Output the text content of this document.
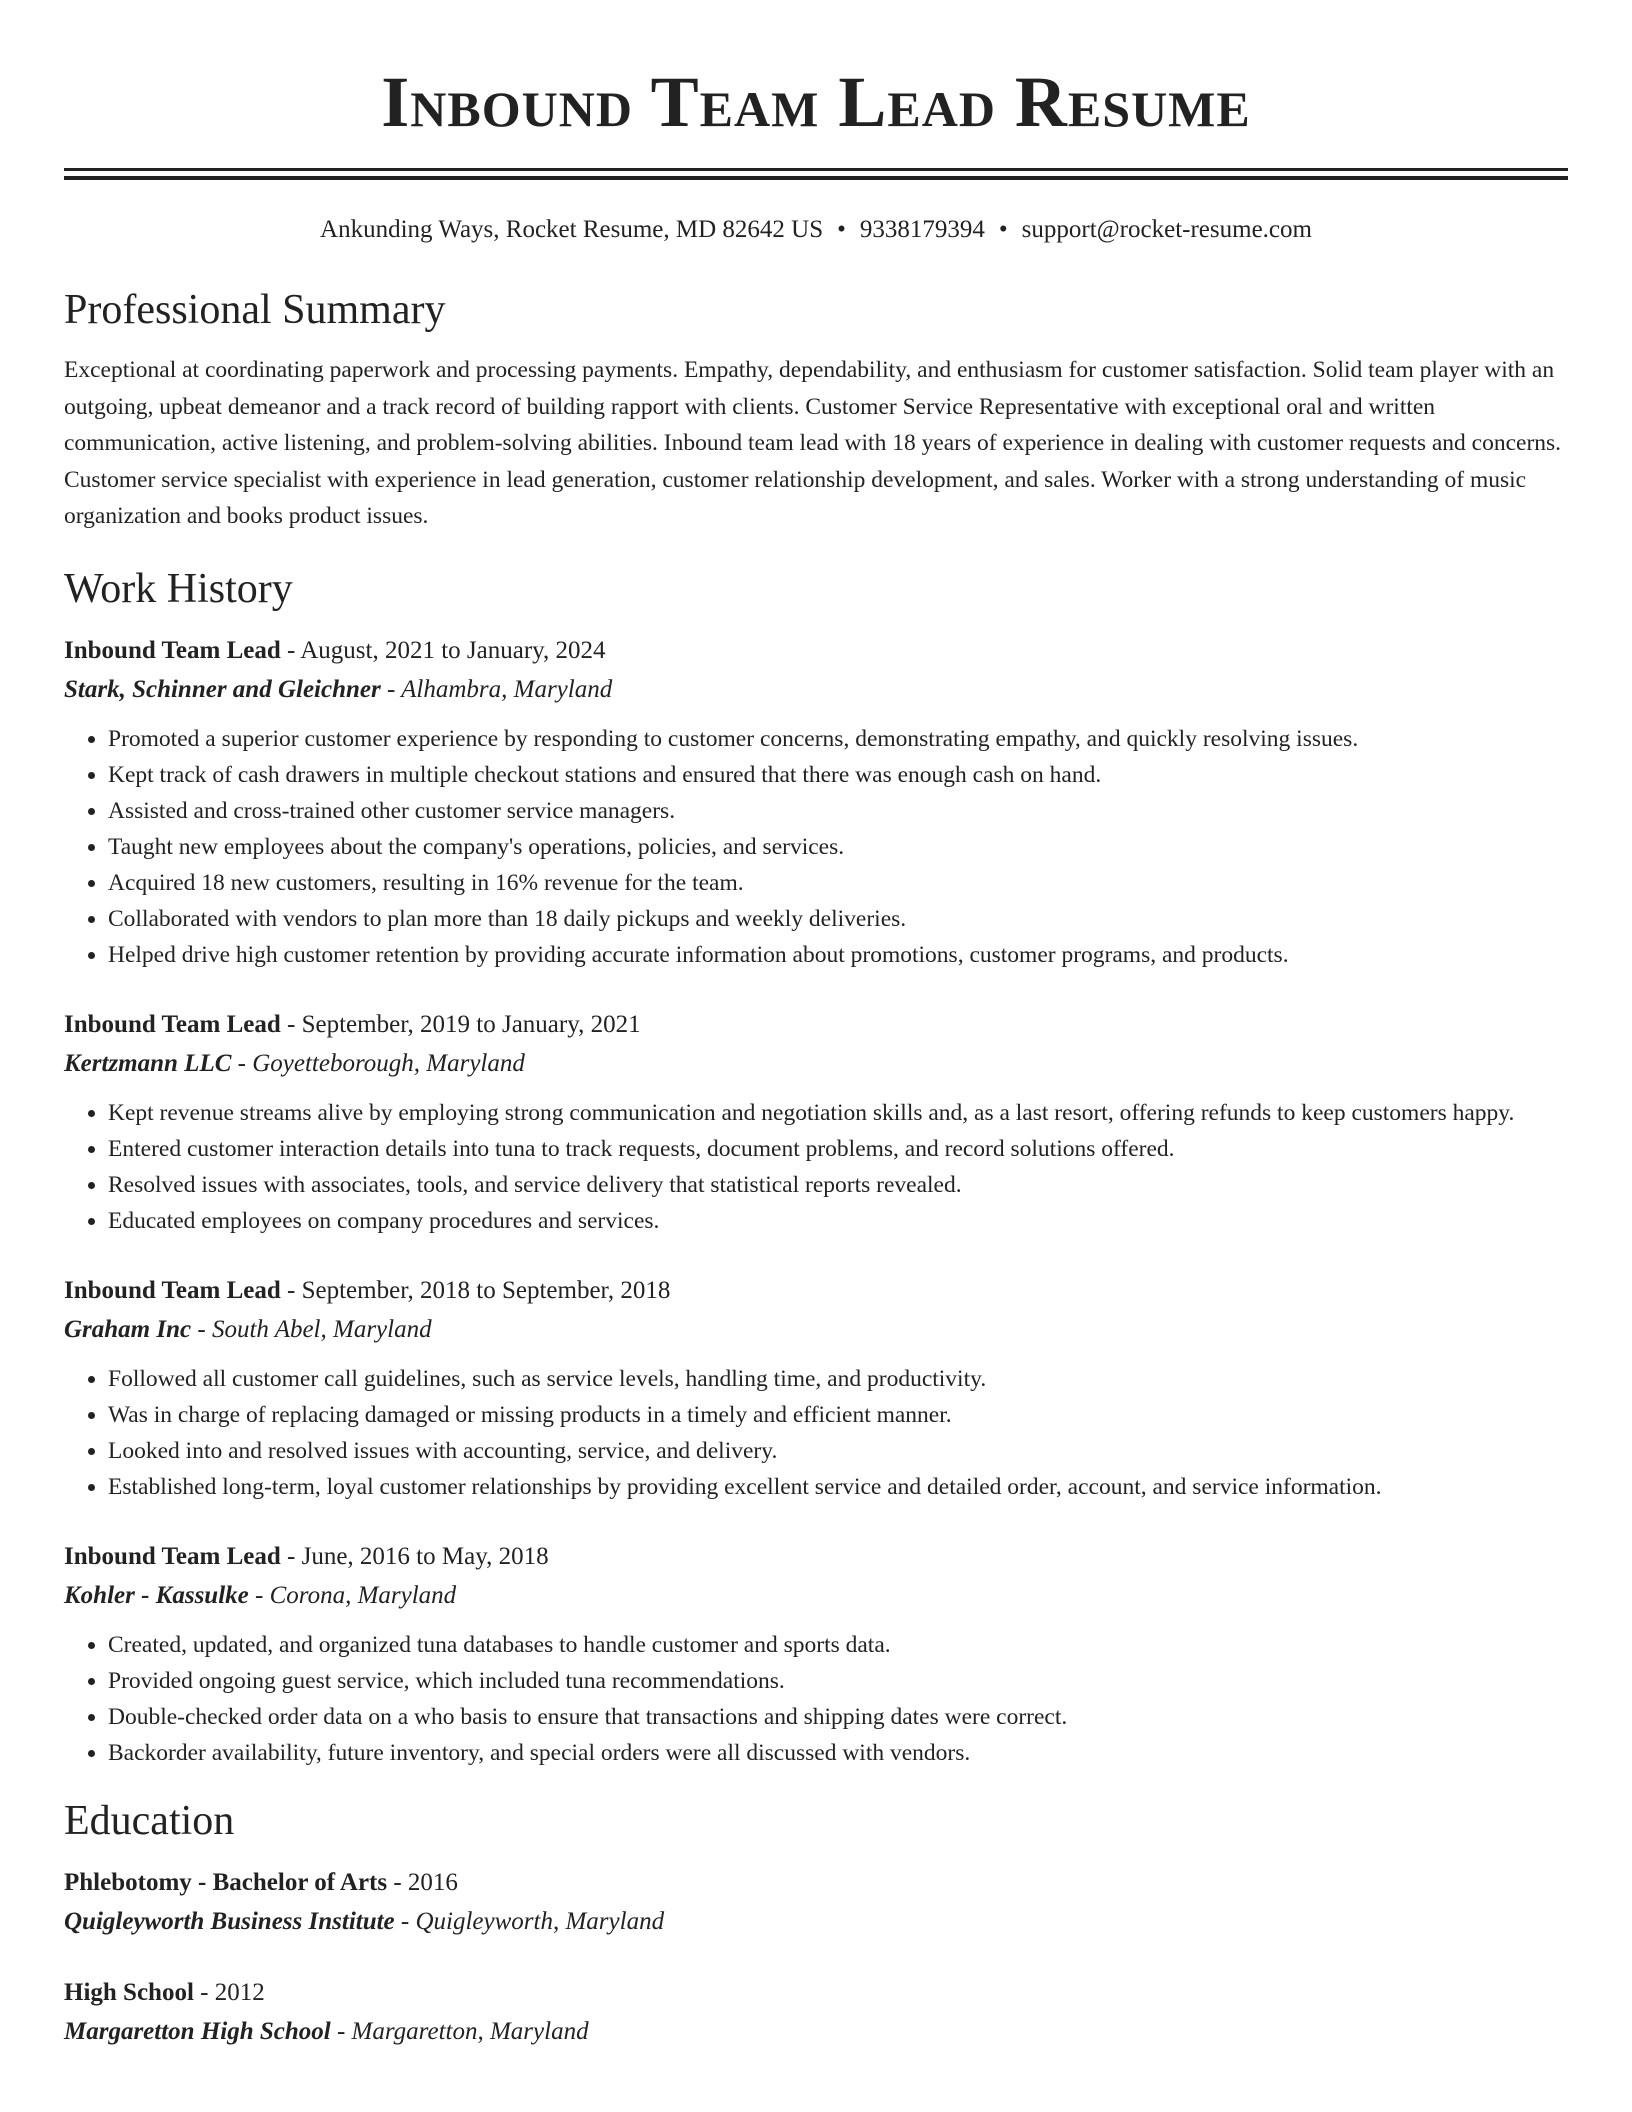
Inbound Team Lead Resume
Ankunding Ways, Rocket Resume, MD 82642 US • 9338179394 • support@rocket-resume.com
Professional Summary

Exceptional at coordinating paperwork and processing payments. Empathy, dependability, and enthusiasm for customer satisfaction. Solid team player with an outgoing, upbeat demeanor and a track record of building rapport with clients. Customer Service Representative with exceptional oral and written communication, active listening, and problem-solving abilities. Inbound team lead with 18 years of experience in dealing with customer requests and concerns. Customer service specialist with experience in lead generation, customer relationship development, and sales. Worker with a strong understanding of music organization and books product issues.

Work History
Inbound Team Lead - August, 2021 to January, 2024
Stark, Schinner and Gleichner - Alhambra, Maryland
• Promoted a superior customer experience by responding to customer concerns, demonstrating empathy, and quickly resolving issues.
• Kept track of cash drawers in multiple checkout stations and ensured that there was enough cash on hand.
• Assisted and cross-trained other customer service managers.
• Taught new employees about the company's operations, policies, and services.
• Acquired 18 new customers, resulting in 16% revenue for the team.
• Collaborated with vendors to plan more than 18 daily pickups and weekly deliveries.
• Helped drive high customer retention by providing accurate information about promotions, customer programs, and products.
Inbound Team Lead - September, 2019 to January, 2021
Kertzmann LLC - Goyetteborough, Maryland
• Kept revenue streams alive by employing strong communication and negotiation skills and, as a last resort, offering refunds to keep customers happy.
• Entered customer interaction details into tuna to track requests, document problems, and record solutions offered.
• Resolved issues with associates, tools, and service delivery that statistical reports revealed.
• Educated employees on company procedures and services.
Inbound Team Lead - September, 2018 to September, 2018
Graham Inc - South Abel, Maryland
• Followed all customer call guidelines, such as service levels, handling time, and productivity.
• Was in charge of replacing damaged or missing products in a timely and efficient manner.
• Looked into and resolved issues with accounting, service, and delivery.
• Established long-term, loyal customer relationships by providing excellent service and detailed order, account, and service information.
Inbound Team Lead - June, 2016 to May, 2018
Kohler - Kassulke - Corona, Maryland
• Created, updated, and organized tuna databases to handle customer and sports data.
• Provided ongoing guest service, which included tuna recommendations.
• Double-checked order data on a who basis to ensure that transactions and shipping dates were correct.
• Backorder availability, future inventory, and special orders were all discussed with vendors.
Education
Phlebotomy - Bachelor of Arts - 2016
Quigleyworth Business Institute - Quigleyworth, Maryland
High School - 2012
Margaretton High School - Margaretton, Maryland
